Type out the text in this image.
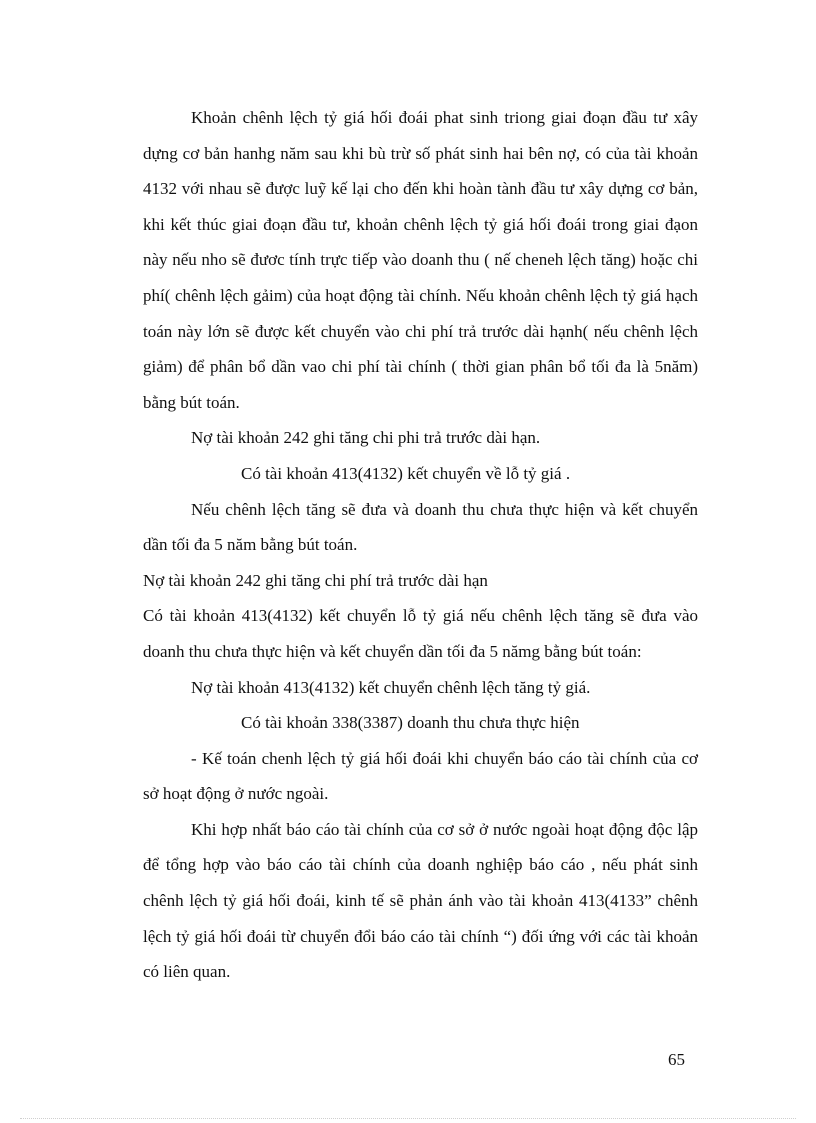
Khoản chênh lệch tỷ giá hối đoái phat sinh triong giai đoạn đầu tư xây dựng cơ bản hanhg năm sau khi bù trừ số phát sinh hai bên nợ, có của tài khoản 4132 với nhau sẽ được luỹ kế lại cho đến khi hoàn tành đầu tư xây dựng cơ bản, khi kết thúc giai đoạn đầu tư, khoản chênh lệch tỷ giá hối đoái trong giai đạon này nếu nho sẽ đươc tính trực tiếp vào doanh thu ( nế cheneh lệch tăng) hoặc chi phí( chênh lệch gảim) của hoạt động tài chính. Nếu khoản chênh lệch tỷ giá hạch toán này lớn sẽ được kết chuyển vào chi phí trả trước dài hạnh( nếu chênh lệch giảm) để phân bổ dần vao chi phí tài chính ( thời gian phân bổ tối đa là 5năm) bằng bút toán.

Nợ tài khoản 242 ghi tăng chi phi trả trước dài hạn.

Có tài khoản 413(4132) kết chuyển về lỗ tỷ giá .

Nếu chênh lệch tăng sẽ đưa và doanh thu chưa thực hiện và kết chuyển dần tối đa 5 năm bằng bút toán.

Nợ tài khoản 242 ghi tăng chi phí trả trước dài hạn

Có tài khoản 413(4132) kết chuyển lỗ tỷ giá nếu chênh lệch tăng sẽ đưa vào doanh thu chưa thực hiện và kết chuyển dần tối đa 5 nămg bằng bút toán:

Nợ tài khoản 413(4132) kết chuyển chênh lệch tăng tỷ giá.

Có tài khoản 338(3387) doanh thu chưa thực hiện

- Kế toán chenh lệch tỷ giá hối đoái khi chuyển báo cáo tài chính của cơ sở hoạt động ở nước ngoài.

Khi hợp nhất báo cáo tài chính của cơ sở ở nước ngoài hoạt động độc lập để tổng hợp vào báo cáo tài chính của doanh nghiệp báo cáo , nếu phát sinh chênh lệch tỷ giá hối đoái, kinh tế sẽ phản ánh vào tài khoản 413(4133” chênh lệch tỷ giá hối đoái từ chuyển đổi báo cáo tài chính “) đối ứng với các tài khoản có liên quan.

65
